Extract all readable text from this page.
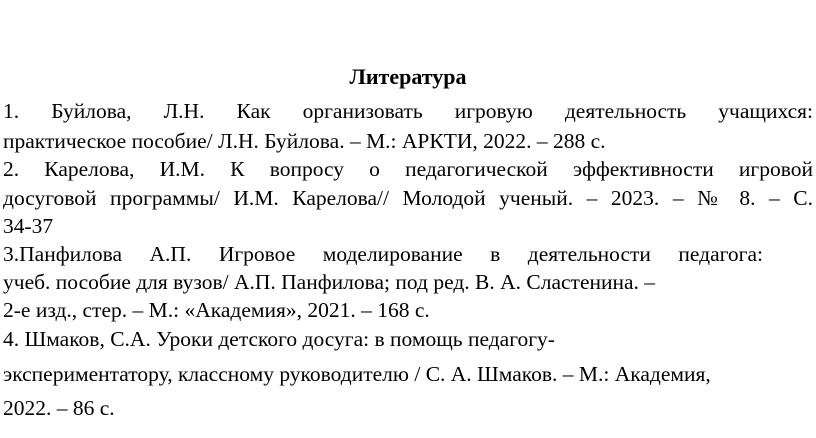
Литература
1. Буйлова, Л.Н. Как организовать игровую деятельность учащихся:
практическое пособие/ Л.Н. Буйлова. – М.: АРКТИ, 2022. – 288 с.
2. Карелова, И.М. К вопросу о педагогической эффективности игровой
досуговой программы/ И.М. Карелова// Молодой ученый. – 2023. – № 8. – С.
34-37
3.Панфилова А.П. Игровое моделирование в деятельности педагога:
учеб. пособие для вузов/ А.П. Панфилова; под ред. В. А. Сластенина. –
2-е изд., стер. – М.: «Академия», 2021. – 168 с.
4. Шмаков, С.А. Уроки детского досуга: в помощь педагогу-
экспериментатору, классному руководителю / С. А. Шмаков. – М.: Академия,
2022. – 86 с.
